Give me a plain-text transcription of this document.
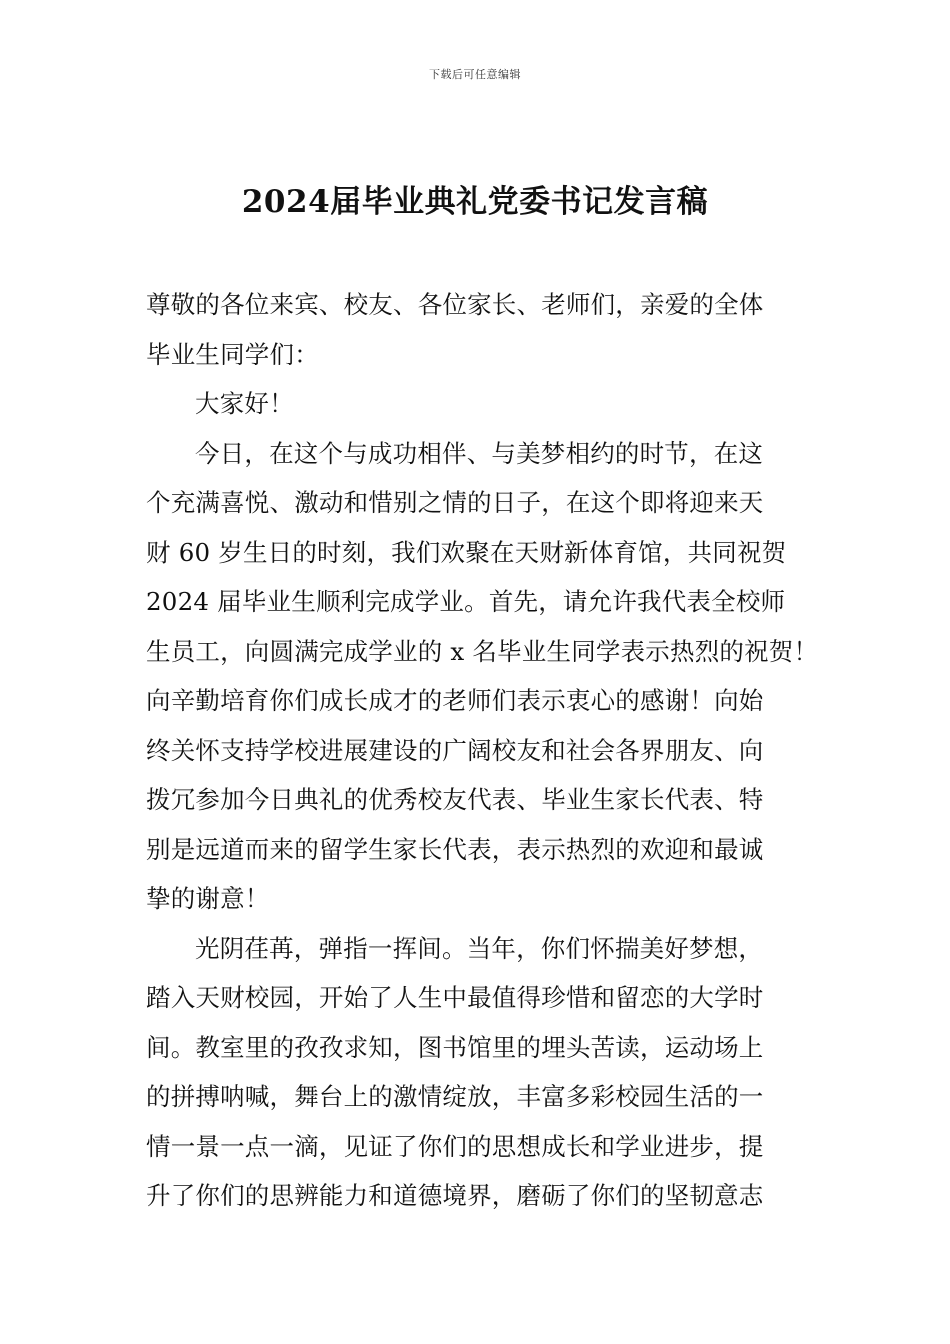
下载后可任意编辑
2024届毕业典礼党委书记发言稿
尊敬的各位来宾、校友、各位家长、老师们，亲爱的全体
毕业生同学们：
大家好！
今日，在这个与成功相伴、与美梦相约的时节，在这
个充满喜悦、激动和惜别之情的日子，在这个即将迎来天
财 60 岁生日的时刻，我们欢聚在天财新体育馆，共同祝贺
2024 届毕业生顺利完成学业。首先，请允许我代表全校师
生员工，向圆满完成学业的 x 名毕业生同学表示热烈的祝贺！
向辛勤培育你们成长成才的老师们表示衷心的感谢！向始
终关怀支持学校进展建设的广阔校友和社会各界朋友、向
拨冗参加今日典礼的优秀校友代表、毕业生家长代表、特
别是远道而来的留学生家长代表，表示热烈的欢迎和最诚
挚的谢意！
光阴荏苒，弹指一挥间。当年，你们怀揣美好梦想，
踏入天财校园，开始了人生中最值得珍惜和留恋的大学时
间。教室里的孜孜求知，图书馆里的埋头苦读，运动场上
的拼搏呐喊，舞台上的激情绽放，丰富多彩校园生活的一
情一景一点一滴，见证了你们的思想成长和学业进步，提
升了你们的思辨能力和道德境界，磨砺了你们的坚韧意志
